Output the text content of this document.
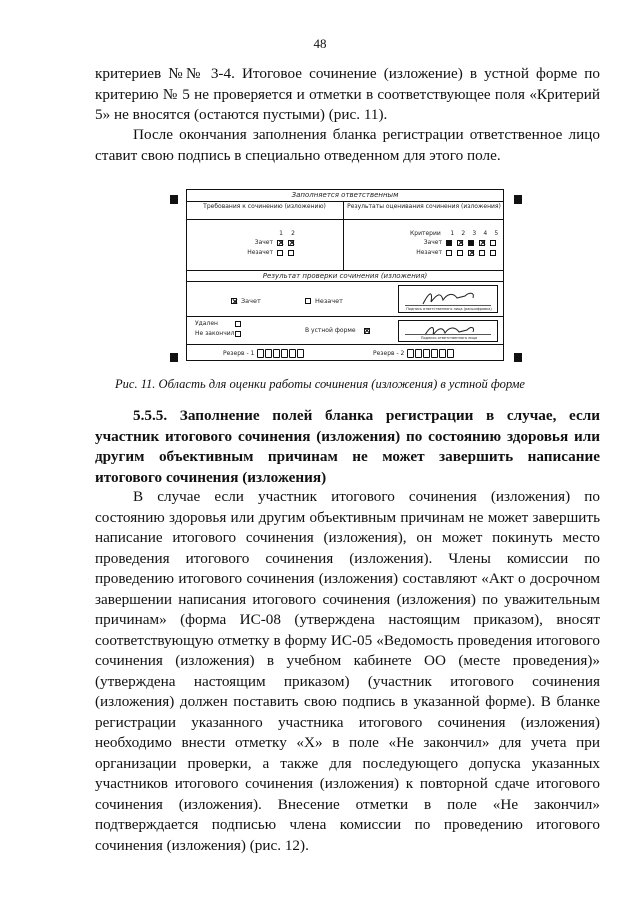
48

критериев №№ 3-4. Итоговое сочинение (изложение) в устной форме по критерию № 5 не проверяется и отметки в соответствующее поля «Критерий 5» не вносятся (остаются пустыми) (рис. 11).

После окончания заполнения бланка регистрации ответственное лицо ставит свою подпись в специально отведенном для этого поле.

Заполняется ответственным
Требования к сочинению (изложению)	Результаты оценивания сочинения (изложения)
1 2
Зачет
Незачет
Критерии 1 2 3 4 5
Зачет
Незачет
Результат проверки сочинения (изложения)
Зачет	Незачет
Подпись ответственного лица (расшифровка)
Удален
Не закончил	В устной форме
Подпись ответственного лица
Резерв - 1	Резерв - 2
Рис. 11. Область для оценки работы сочинения (изложения) в устной форме

5.5.5. Заполнение полей бланка регистрации в случае, если участник итогового сочинения (изложения) по состоянию здоровья или другим объективным причинам не может завершить написание итогового сочинения (изложения)

В случае если участник итогового сочинения (изложения) по состоянию здоровья или другим объективным причинам не может завершить написание итогового сочинения (изложения), он может покинуть место проведения итогового сочинения (изложения). Члены комиссии по проведению итогового сочинения (изложения) составляют «Акт о досрочном завершении написания итогового сочинения (изложения) по уважительным причинам» (форма ИС-08 (утверждена настоящим приказом), вносят соответствующую отметку в форму ИС-05 «Ведомость проведения итогового сочинения (изложения) в учебном кабинете ОО (месте проведения)» (утверждена настоящим приказом) (участник итогового сочинения (изложения) должен поставить свою подпись в указанной форме). В бланке регистрации указанного участника итогового сочинения (изложения) необходимо внести отметку «Х» в поле «Не закончил» для учета при организации проверки, а также для последующего допуска указанных участников итогового сочинения (изложения) к повторной сдаче итогового сочинения (изложения). Внесение отметки в поле «Не закончил» подтверждается подписью члена комиссии по проведению итогового сочинения (изложения) (рис. 12).
